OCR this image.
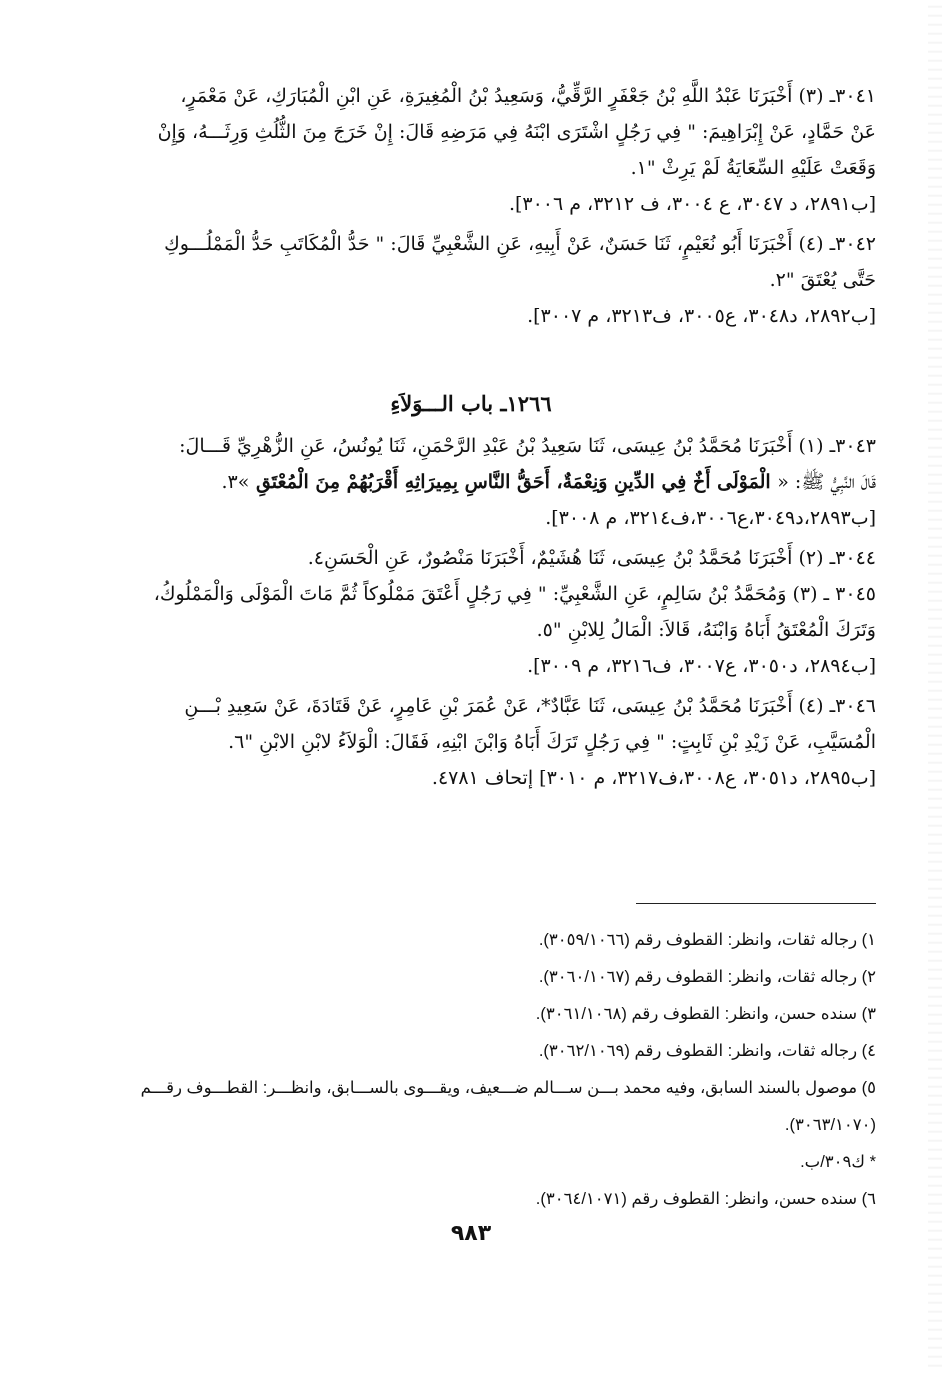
٣٠٤١ـ (٣) أَخْبَرَنَا عَبْدُ اللَّهِ بْنُ جَعْفَرٍ الرَّقِّيُّ، وَسَعِيدُ بْنُ الْمُغِيرَةِ، عَنِ ابْنِ الْمُبَارَكِ، عَنْ مَعْمَرٍ،

عَنْ حَمَّادٍ، عَنْ إِبْرَاهِيمَ: " فِي رَجُلٍ اشْتَرَى ابْنَهُ فِي مَرَضِهِ قَالَ: إِنْ خَرَجَ مِنَ الثُّلُثِ وَرِثَـــهُ، وَإِنْ

وَقَعَتْ عَلَيْهِ السِّعَايَةُ لَمْ يَرِثْ "١.

[ب٢٨٩١، د ٣٠٤٧، ع ٣٠٠٤، ف ٣٢١٢، م ٣٠٠٦].

٣٠٤٢ـ (٤) أَخْبَرَنَا أَبُو نُعَيْمٍ، ثَنَا حَسَنٌ، عَنْ أَبِيهِ، عَنِ الشَّعْبِيِّ قَالَ: " حَدُّ الْمُكَاتَبِ حَدُّ الْمَمْلُـــوكِ

حَتَّى يُعْتَقَ "٢.

[ب٢٨٩٢، د٣٠٤٨، ع٣٠٠٥، ف٣٢١٣، م ٣٠٠٧].

١٢٦٦ـ باب الـــوَلاَءِ

٣٠٤٣ـ (١) أَخْبَرَنَا مُحَمَّدُ بْنُ عِيسَى، ثَنَا سَعِيدُ بْنُ عَبْدِ الرَّحْمَنِ، ثَنَا يُونُسُ، عَنِ الزُّهْرِيِّ قَـــالَ:

قَالَ النَّبِيُّ ﷺ: « الْمَوْلَى أَخٌ فِي الدِّينِ وَنِعْمَةٌ، أَحَقُّ النَّاسِ بِمِيرَاثِهِ أَقْرَبُهُمْ مِنَ الْمُعْتَقِ »٣.

[ب٢٨٩٣،د٣٠٤٩،ع٣٠٠٦،ف٣٢١٤، م ٣٠٠٨].

٣٠٤٤ـ (٢) أَخْبَرَنَا مُحَمَّدُ بْنُ عِيسَى، ثَنَا هُشَيْمٌ، أَخْبَرَنَا مَنْصُورٌ، عَنِ الْحَسَنِ٤.

٣٠٤٥ ـ (٣) وَمُحَمَّدُ بْنُ سَالِمٍ، عَنِ الشَّعْبِيِّ: " فِي رَجُلٍ أَعْتَقَ مَمْلُوكاً ثُمَّ مَاتَ الْمَوْلَى وَالْمَمْلُوكُ،

وَتَرَكَ الْمُعْتَقُ أَبَاهُ وَابْنَهُ، قَالاَ: الْمَالُ لِلابْنِ "٥.

[ب٢٨٩٤، د٣٠٥٠، ع٣٠٠٧، ف٣٢١٦، م ٣٠٠٩].

٣٠٤٦ـ (٤) أَخْبَرَنَا مُحَمَّدُ بْنُ عِيسَى، ثَنَا عَبَّادٌ*، عَنْ عُمَرَ بْنِ عَامِرٍ، عَنْ قَتَادَةَ، عَنْ سَعِيدِ بْـــنِ

الْمُسَيَّبِ، عَنْ زَيْدِ بْنِ ثَابِتٍ: " فِي رَجُلٍ تَرَكَ أَبَاهُ وَابْنَ ابْنِهِ، فَقَالَ: الْوَلاَءُ لابْنِ الابْنِ "٦.

[ب٢٨٩٥، د٣٠٥١، ع٣٠٠٨،ف٣٢١٧، م ٣٠١٠] إتحاف ٤٧٨١.

١) رجاله ثقات، وانظر: القطوف رقم (٣٠٥٩/١٠٦٦).

٢) رجاله ثقات، وانظر: القطوف رقم (٣٠٦٠/١٠٦٧).

٣) سنده حسن، وانظر: القطوف رقم (٣٠٦١/١٠٦٨).

٤) رجاله ثقات، وانظر: القطوف رقم (٣٠٦٢/١٠٦٩).

٥) موصول بالسند السابق، وفيه محمد بـــن ســـالم ضـــعيف، ويقـــوى بالســـابق، وانظـــر: القطـــوف رقـــم

(٣٠٦٣/١٠٧٠).

* ك٣٠٩/ب.

٦) سنده حسن، وانظر: القطوف رقم (٣٠٦٤/١٠٧١).

٩٨٣
